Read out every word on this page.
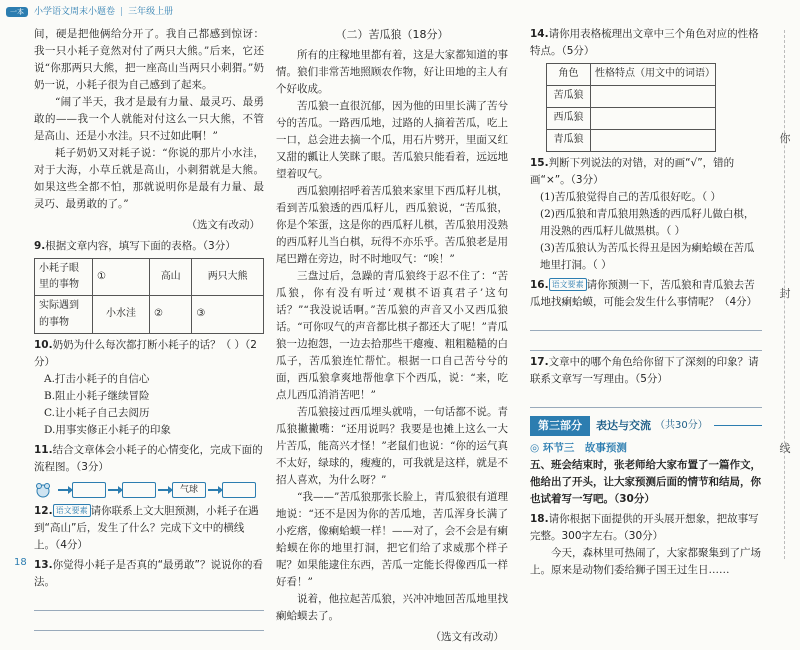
一本	小学语文周末小题卷 | 三年级上册

间，硬是把他俩给分开了。我自己都感到惊讶：我一只小耗子竟然对付了两只大熊。”后来，它还说“你那两只大熊，把一座高山当两只小刺猬。”奶奶一说，小耗子很为自己感到了起来。

“闹了半天，我才是最有力量、最灵巧、最勇敢的——我一个人就能对付这么一只大熊，不管是高山、还是小水洼。只不过如此啊！”

耗子奶奶又对耗子说：“你说的那片小水洼，对于大海，小草丘就是高山，小刺猬就是大熊。如果这些全都不怕，那就说明你是最有力量、最灵巧、最勇敢的了。”

（选文有改动）
9.根据文章内容，填写下面的表格。（3分）
小耗子眼里的事物	①	高山	两只大熊
实际遇到的事物	小水洼	②	③
10.奶奶为什么每次都打断小耗子的话？（ ）（2分）
A.打击小耗子的自信心
B.阻止小耗子继续冒险
C.让小耗子自己去阅历
D.用事实修正小耗子的印象
11.结合文章体会小耗子的心情变化，完成下面的流程图。（3分）
气球
12. 语文要素 请你联系上文大胆预测，小耗子在遇到“高山”后，发生了什么？完成下文中的横线上。（4分）
13.你觉得小耗子是否真的“最勇敢”？说说你的看法。
（二）苦瓜狼（18分）

所有的庄稼地里都有着，这是大家都知道的事情。狼们非常苦地照顾农作物，好让田地的主人有个好收成。

苦瓜狼一直很沉郁，因为他的田里长满了苦兮兮的苦瓜。一路西瓜地，过路的人摘着苦瓜，吃上一口，总会进去摘一个瓜，用石片劈开，里面又红又甜的瓤让人笑眯了眼。苦瓜狼只能看着，远远地望着叹气。

西瓜狼刚招呼着苦瓜狼来家里下西瓜籽儿棋，看到苦瓜狼透的西瓜籽儿，西瓜狼说，“苦瓜狼，你是个笨蛋，这是你的西瓜籽儿棋，苦瓜狼用没熟的西瓜籽儿当白棋，玩得不亦乐乎。苦瓜狼老是用尾巴蹭在旁边，时不时地叹气：“唉！”

三盘过后，急躁的青瓜狼终于忍不住了：“苦瓜狼，你有没有听过‘观棋不语真君子’这句话？”“我没说话啊。”苦瓜狼的声音又小又西瓜狼话。“可你叹气的声音都比棋子都还大了呢！”青瓜狼一边抱怨，一边去拾那些干瘪瘦、粗粗糙糙的白瓜子，苦瓜狼连忙帮忙。根据一口自己苦兮兮的面，西瓜狼拿爽地帮他拿下个西瓜，说：“来，吃点儿西瓜消消苦吧！”

苦瓜狼接过西瓜埋头就啃，一句话都不说。青瓜狼撇撇嘴：“还用说吗？我要是也摊上这么一大片苦瓜，能高兴才怪！”老鼠们也说：“你的运气真不太好，绿球的，瘦瘦的，可我就是这样，就是不招人喜欢，为什么呀？”

“我——”苦瓜狼那张长脸上，青瓜狼很有道理地说：“还不是因为你的苦瓜地，苦瓜浑身长满了小疙瘩，像瘌蛤蟆一样！——对了，会不会是有瘌蛤蟆在你的地里打洞，把它们给了求威那个样子呢？如果能逮住东西，苦瓜一定能长得像西瓜一样好看！”

说着，他拉起苦瓜狼，兴冲冲地回苦瓜地里找瘌蛤蟆去了。

（选文有改动）
14.请你用表格梳理出文章中三个角色对应的性格特点。（5分）
角色	性格特点（用文中的词语）
苦瓜狼	
西瓜狼	
青瓜狼	
15.判断下列说法的对错，对的画“√”，错的画“×”。（3分）
(1)苦瓜狼觉得自己的苦瓜很好吃。（ ）
(2)西瓜狼和青瓜狼用熟透的西瓜籽儿做白棋，用没熟的西瓜籽儿做黑棋。（ ）
(3)苦瓜狼认为苦瓜长得丑是因为瘌蛤蟆在苦瓜地里打洞。（ ）
16. 语文要素 请你预测一下，苦瓜狼和青瓜狼去苦瓜地找瘌蛤蟆，可能会发生什么事情呢？（4分）
17.文章中的哪个角色给你留下了深刻的印象？请联系文章写一写理由。（5分）
第三部分	表达与交流 （共30分）
◎ 环节三　故事预测
五、班会结束时，张老师给大家布置了一篇作文，他给出了开头，让大家预测后面的情节和结局，你也试着写一写吧。（30分）
18.请你根据下面提供的开头展开想象，把故事写完整。300字左右。（30分）

今天，森林里可热闹了，大家都聚集到了广场上。原来是动物们委给狮子国王过生日……

你
封
线
18
